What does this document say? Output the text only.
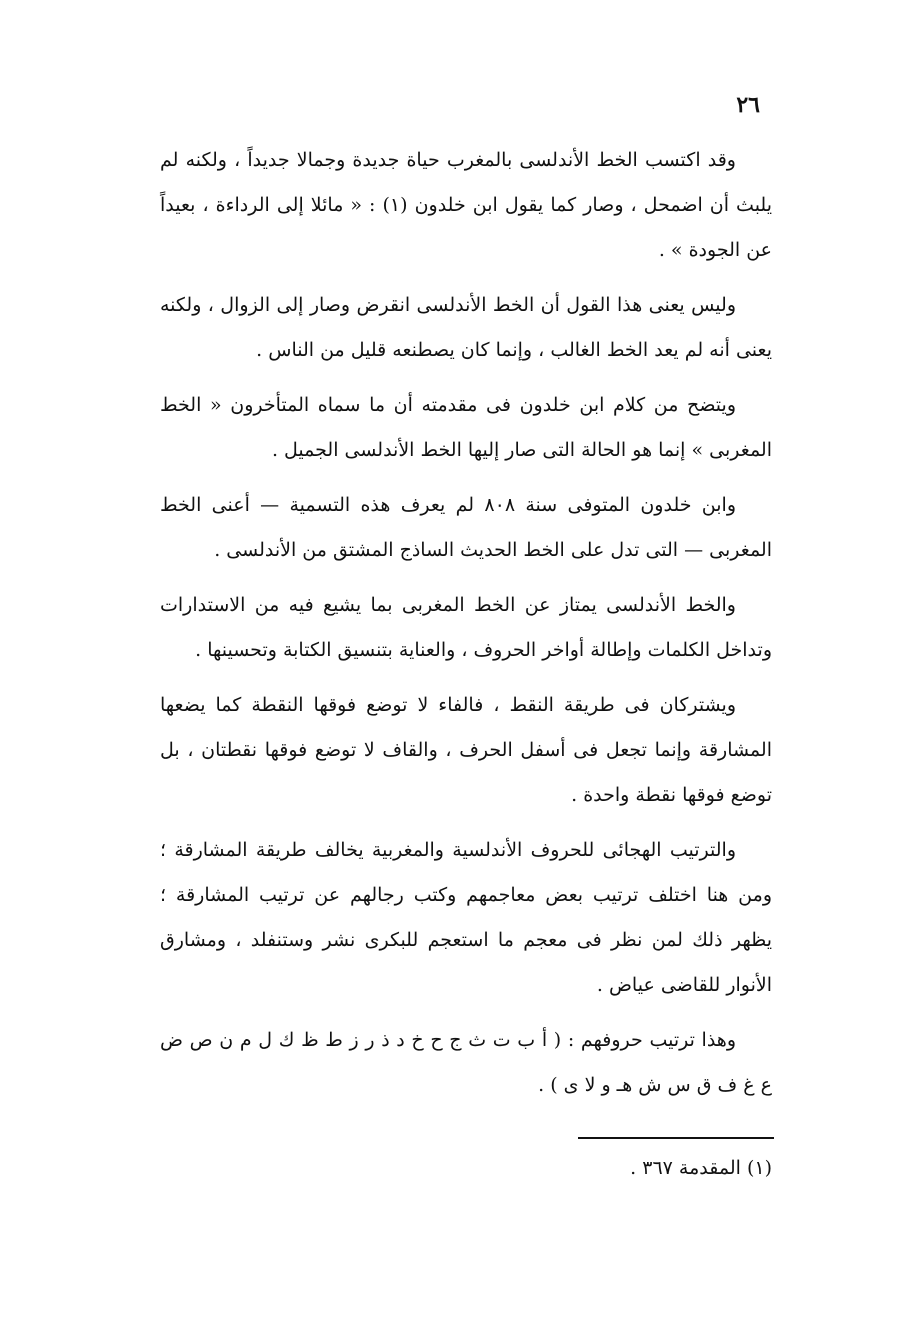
٢٦

وقد اكتسب الخط الأندلسى بالمغرب حياة جديدة وجمالا جديداً ، ولكنه لم يلبث أن اضمحل ، وصار كما يقول ابن خلدون (١) : « مائلا إلى الرداءة ، بعيداً عن الجودة » .

وليس يعنى هذا القول أن الخط الأندلسى انقرض وصار إلى الزوال ، ولكنه يعنى أنه لم يعد الخط الغالب ، وإنما كان يصطنعه قليل من الناس .

ويتضح من كلام ابن خلدون فى مقدمته أن ما سماه المتأخرون « الخط المغربى » إنما هو الحالة التى صار إليها الخط الأندلسى الجميل .

وابن خلدون المتوفى سنة ٨٠٨ لم يعرف هذه التسمية — أعنى الخط المغربى — التى تدل على الخط الحديث الساذج المشتق من الأندلسى .

والخط الأندلسى يمتاز عن الخط المغربى بما يشيع فيه من الاستدارات وتداخل الكلمات وإطالة أواخر الحروف ، والعناية بتنسيق الكتابة وتحسينها .

ويشتركان فى طريقة النقط ، فالفاء لا توضع فوقها النقطة كما يضعها المشارقة وإنما تجعل فى أسفل الحرف ، والقاف لا توضع فوقها نقطتان ، بل توضع فوقها نقطة واحدة .

والترتيب الهجائى للحروف الأندلسية والمغربية يخالف طريقة المشارقة ؛ ومن هنا اختلف ترتيب بعض معاجمهم وكتب رجالهم عن ترتيب المشارقة ؛ يظهر ذلك لمن نظر فى معجم ما استعجم للبكرى نشر وستنفلد ، ومشارق الأنوار للقاضى عياض .

وهذا ترتيب حروفهم : ( أ ب ت ث ج ح خ د ذ ر ز ط ظ ك ل م ن ص ض ع غ ف ق س ش هـ و لا ى ) .

(١) المقدمة ٣٦٧ .
